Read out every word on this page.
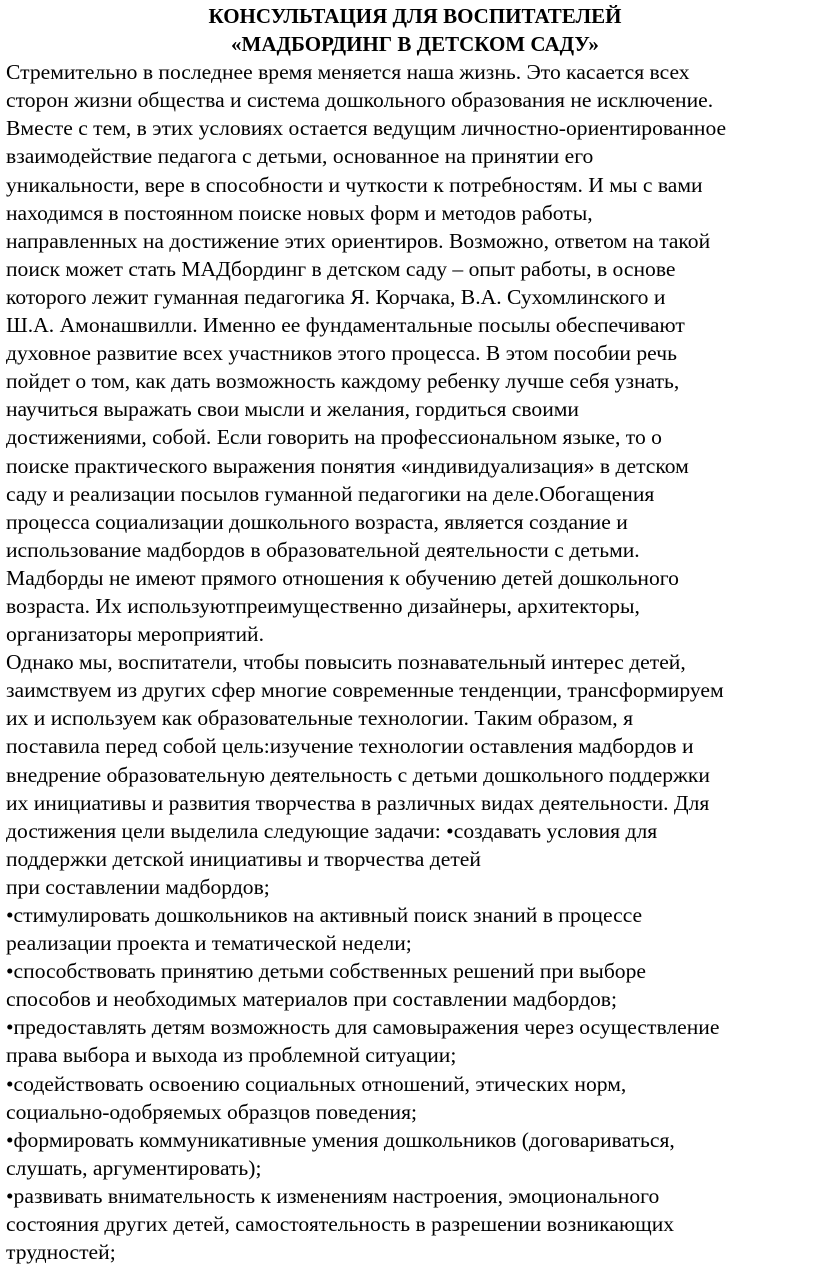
КОНСУЛЬТАЦИЯ ДЛЯ ВОСПИТАТЕЛЕЙ
«МАДБОРДИНГ В ДЕТСКОМ САДУ»
Стремительно в последнее время меняется наша жизнь. Это касается всех
сторон жизни общества и система дошкольного образования не исключение.
Вместе с тем, в этих условиях остается ведущим личностно-ориентированное
взаимодействие педагога с детьми, основанное на принятии его
уникальности, вере в способности и чуткости к потребностям. И мы с вами
находимся в постоянном поиске новых форм и методов работы,
направленных на достижение этих ориентиров. Возможно, ответом на такой
поиск может стать МАДбординг в детском саду – опыт работы, в основе
которого лежит гуманная педагогика Я. Корчака, В.А. Сухомлинского и
Ш.А. Амонашвилли. Именно ее фундаментальные посылы обеспечивают
духовное развитие всех участников этого процесса. В этом пособии речь
пойдет о том, как дать возможность каждому ребенку лучше себя узнать,
научиться выражать свои мысли и желания, гордиться своими
достижениями, собой. Если говорить на профессиональном языке, то о
поиске практического выражения понятия «индивидуализация» в детском
саду и реализации посылов гуманной педагогики на деле.Обогащения
процесса социализации дошкольного возраста, является создание и
использование мадбордов в образовательной деятельности с детьми.
Мадборды не имеют прямого отношения к обучению детей дошкольного
возраста. Их используютпреимущественно дизайнеры, архитекторы,
организаторы мероприятий.
Однако мы, воспитатели, чтобы повысить познавательный интерес детей,
заимствуем из других сфер многие современные тенденции, трансформируем
их и используем как образовательные технологии. Таким образом, я
поставила перед собой цель:изучение технологии оставления мадбордов и
внедрение образовательную деятельность с детьми дошкольного поддержки
их инициативы и развития творчества в различных видах деятельности. Для
достижения цели выделила следующие задачи: •создавать условия для
поддержки детской инициативы и творчества детей
при составлении мадбордов;
•стимулировать дошкольников на активный поиск знаний в процессе
реализации проекта и тематической недели;
•способствовать принятию детьми собственных решений при выборе
способов и необходимых материалов при составлении мадбордов;
•предоставлять детям возможность для самовыражения через осуществление
права выбора и выхода из проблемной ситуации;
•содействовать освоению социальных отношений, этических норм,
социально-одобряемых образцов поведения;
•формировать коммуникативные умения дошкольников (договариваться,
слушать, аргументировать);
•развивать внимательность к изменениям настроения, эмоционального
состояния других детей, самостоятельность в разрешении возникающих
трудностей;
